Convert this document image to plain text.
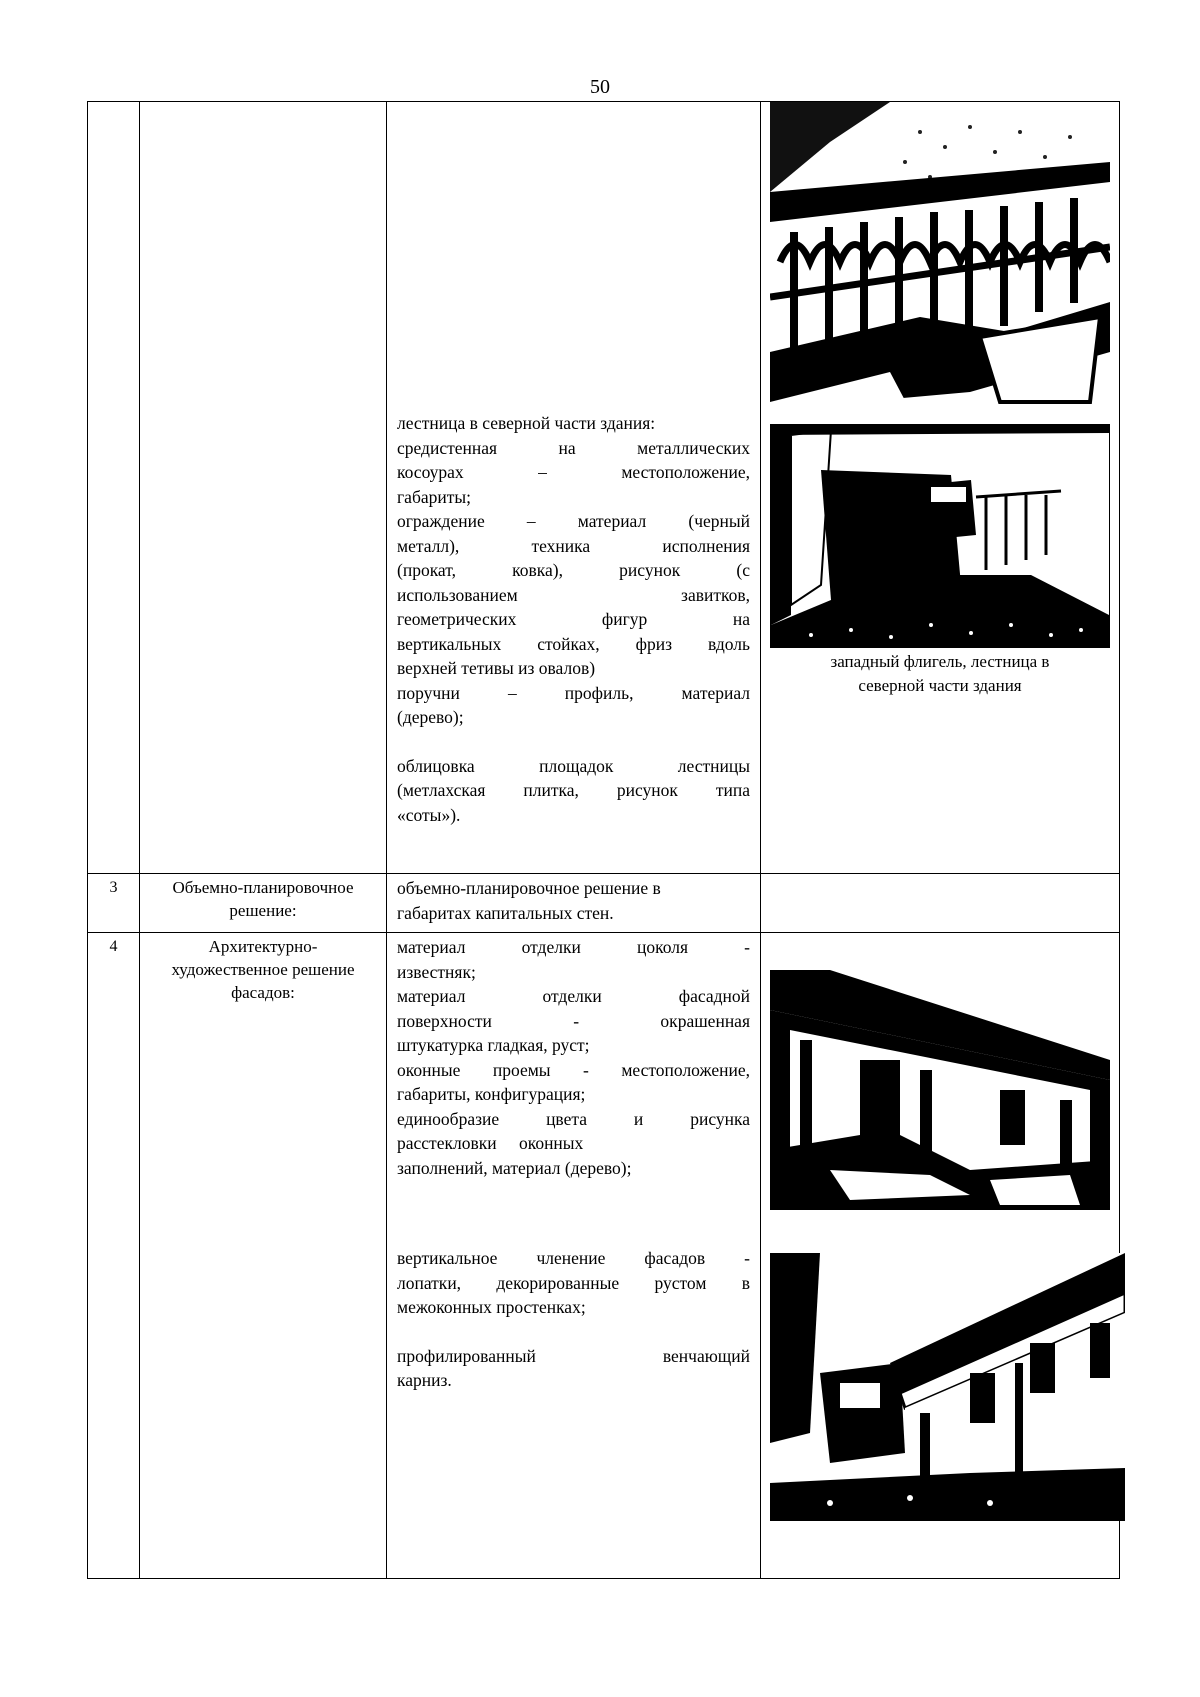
50

лестница в северной части здания:

средистенная на металлических

косоурах – местоположение,

габариты;

ограждение – материал (черный

металл), техника исполнения

(прокат, ковка), рисунок (с

использованием завитков,

геометрических фигур на

вертикальных стойках, фриз вдоль

верхней тетивы из овалов)

поручни – профиль, материал

(дерево);

облицовка площадок лестницы

(метлахская плитка, рисунок типа

«соты»).

западный флигель, лестница в

северной части здания

3	Объемно-планировочное

решение:

объемно-планировочное решение в

габаритах капитальных стен.

4	Архитектурно-

художественное решение

фасадов:

материал отделки цоколя -

известняк;

материал отделки фасадной

поверхности - окрашенная

штукатурка гладкая, руст;

оконные проемы - местоположение,

габариты, конфигурация;

единообразие цвета и рисунка

расстекловки оконных

заполнений, материал (дерево);

вертикальное членение фасадов -

лопатки, декорированные рустом в

межоконных простенках;

профилированный венчающий

карниз.
